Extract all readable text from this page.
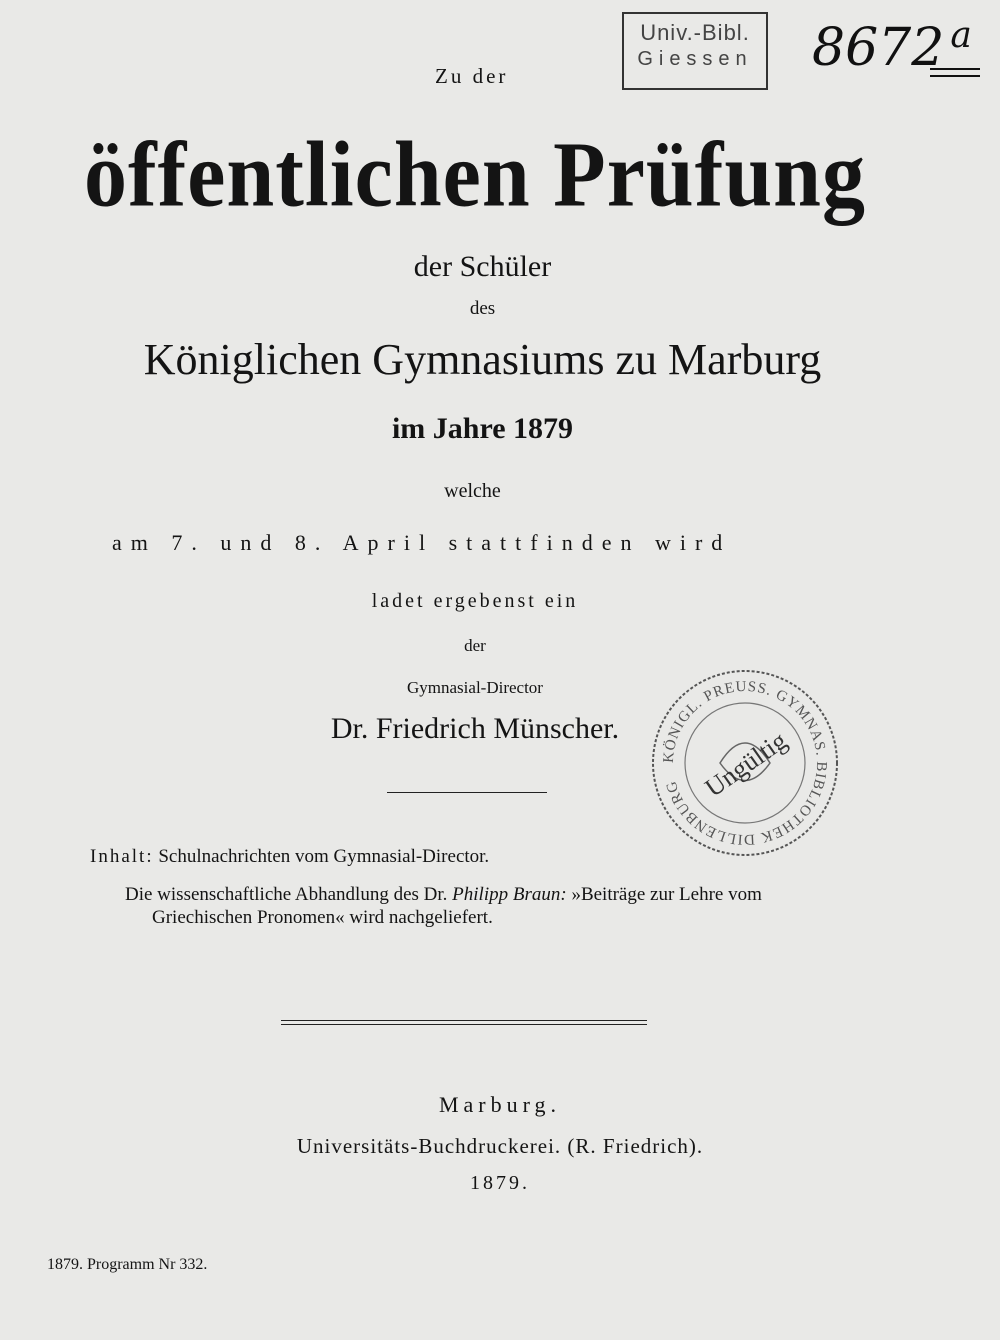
Univ.-Bibl.
Giessen 8672 $^a$
Zu der
öffentlichen Prüfung
der Schüler
des
Königlichen Gymnasiums zu Marburg
im Jahre 1879
welche
am 7. und 8. April stattfinden wird
ladet ergebenst ein
der
Gymnasial-Director
Dr. Friedrich Münscher.
KÖNIGL. PREUSS. GYMNAS. BIBLIOTHEK DILLENBURG Ungültig
Inhalt: Schulnachrichten vom Gymnasial-Director.
Die wissenschaftliche Abhandlung des Dr. Philipp Braun: »Beiträge zur Lehre vom
Griechischen Pronomen« wird nachgeliefert.
Marburg.
Universitäts-Buchdruckerei. (R. Friedrich).
1879.
1879. Programm Nr 332.
